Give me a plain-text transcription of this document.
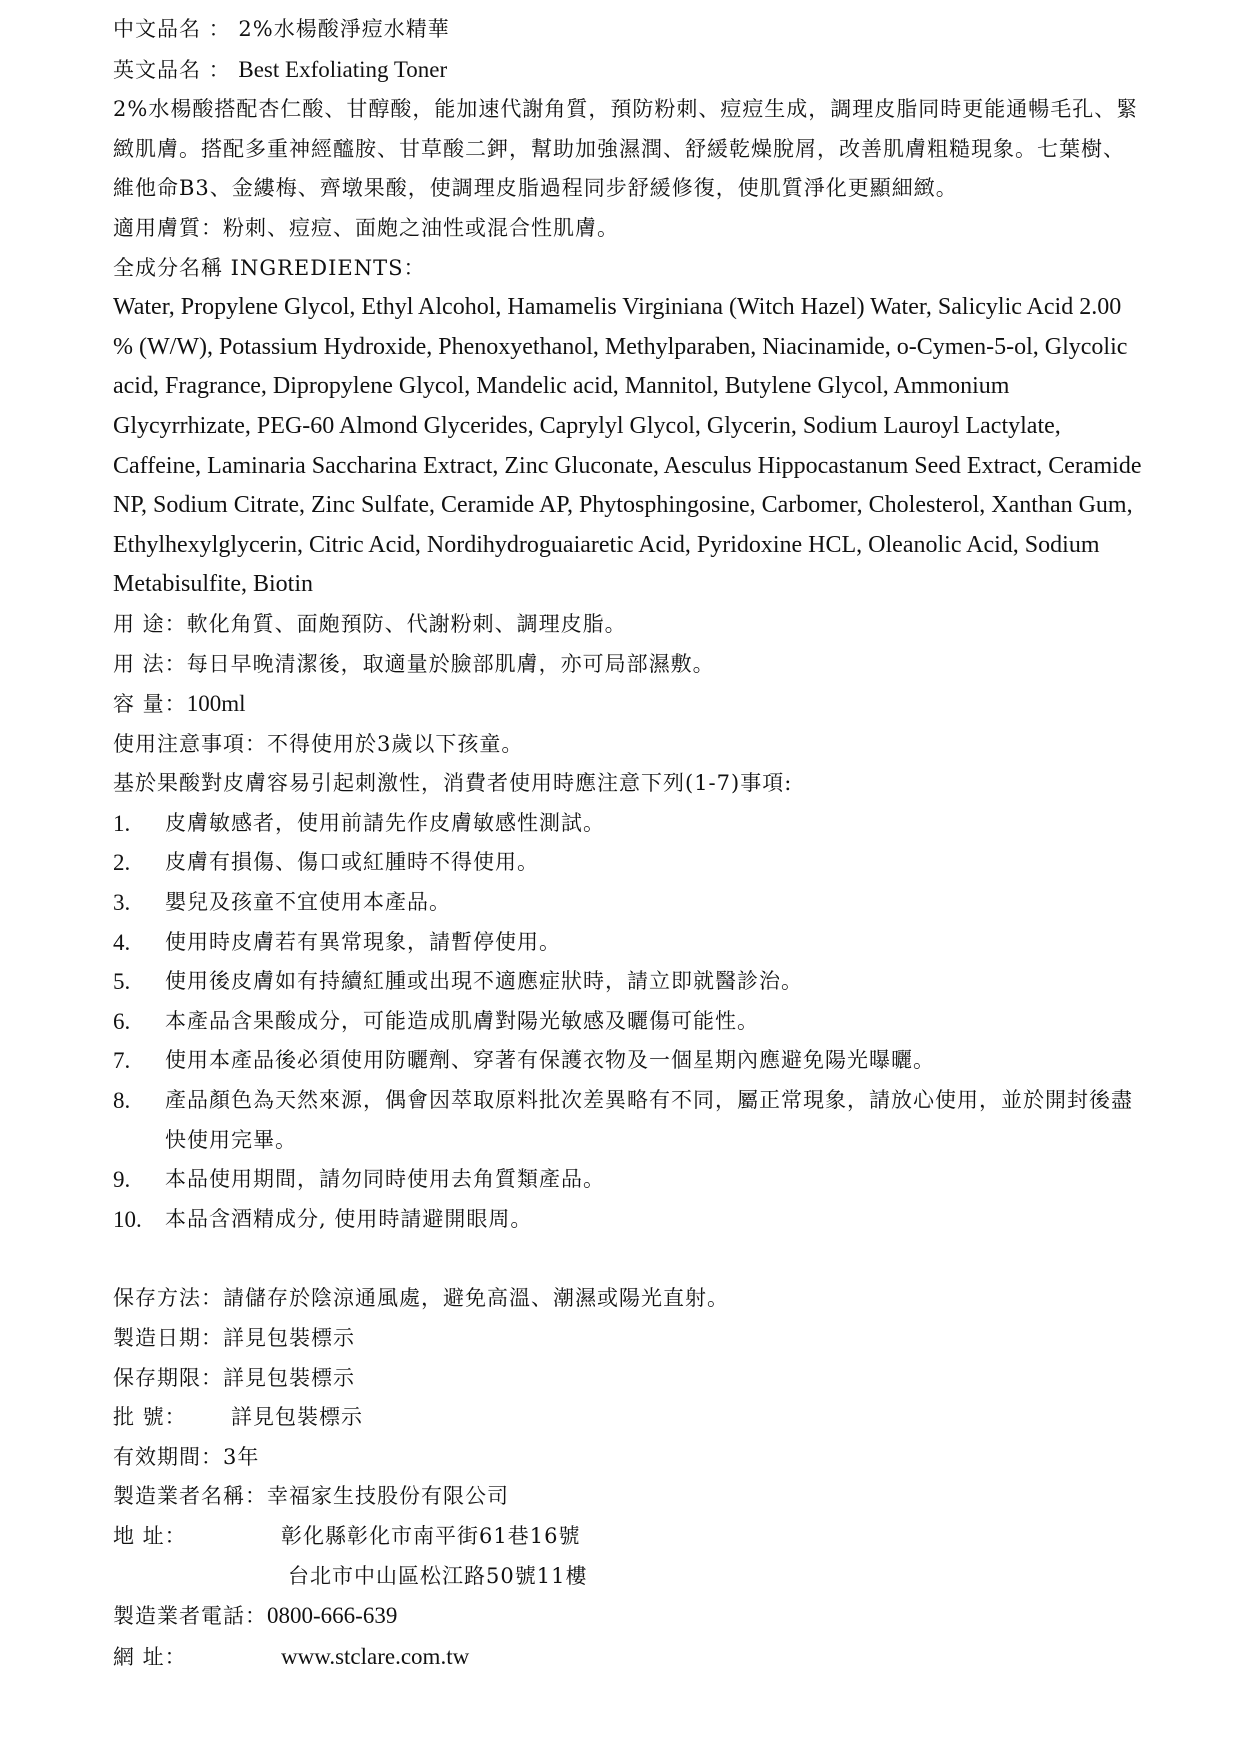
中文品名 ： 2%水楊酸淨痘水精華
英文品名 ： Best Exfoliating Toner
2%水楊酸搭配杏仁酸、甘醇酸，能加速代謝角質，預防粉刺、痘痘生成，調理皮脂同時更能通暢毛孔、緊緻肌膚。搭配多重神經醯胺、甘草酸二鉀，幫助加強濕潤、舒緩乾燥脫屑，改善肌膚粗糙現象。七葉樹、維他命B3、金縷梅、齊墩果酸，使調理皮脂過程同步舒緩修復，使肌質淨化更顯細緻。
適用膚質：粉刺、痘痘、面皰之油性或混合性肌膚。
全成分名稱 INGREDIENTS：
Water, Propylene Glycol, Ethyl Alcohol, Hamamelis Virginiana (Witch Hazel) Water, Salicylic Acid 2.00 % (W/W), Potassium Hydroxide, Phenoxyethanol, Methylparaben, Niacinamide, o-Cymen-5-ol, Glycolic acid, Fragrance, Dipropylene Glycol, Mandelic acid, Mannitol, Butylene Glycol, Ammonium Glycyrrhizate, PEG-60 Almond Glycerides, Caprylyl Glycol, Glycerin, Sodium Lauroyl Lactylate, Caffeine, Laminaria Saccharina Extract, Zinc Gluconate, Aesculus Hippocastanum Seed Extract, Ceramide NP, Sodium Citrate, Zinc Sulfate, Ceramide AP, Phytosphingosine, Carbomer, Cholesterol, Xanthan Gum, Ethylhexylglycerin, Citric Acid, Nordihydroguaiaretic Acid, Pyridoxine HCL, Oleanolic Acid, Sodium Metabisulfite, Biotin
用 途：軟化角質、面皰預防、代謝粉刺、調理皮脂。
用 法：每日早晚清潔後，取適量於臉部肌膚，亦可局部濕敷。
容 量：100ml
使用注意事項：不得使用於3歲以下孩童。
基於果酸對皮膚容易引起刺激性，消費者使用時應注意下列(1-7)事項:
1.	皮膚敏感者，使用前請先作皮膚敏感性測試。
2.	皮膚有損傷、傷口或紅腫時不得使用。
3.	嬰兒及孩童不宜使用本產品。
4.	使用時皮膚若有異常現象，請暫停使用。
5.	使用後皮膚如有持續紅腫或出現不適應症狀時，請立即就醫診治。
6.	本產品含果酸成分，可能造成肌膚對陽光敏感及曬傷可能性。
7.	使用本產品後必須使用防曬劑、穿著有保護衣物及一個星期內應避免陽光曝曬。
8.	產品顏色為天然來源，偶會因萃取原料批次差異略有不同，屬正常現象，請放心使用，並於開封後盡快使用完畢。
9.	本品使用期間，請勿同時使用去角質類產品。
10.	本品含酒精成分, 使用時請避開眼周。
保存方法：請儲存於陰涼通風處，避免高溫、潮濕或陽光直射。
製造日期：詳見包裝標示
保存期限：詳見包裝標示
批 號： 詳見包裝標示
有效期間：3年
製造業者名稱：幸福家生技股份有限公司
地 址：	彰化縣彰化市南平街61巷16號
台北市中山區松江路50號11樓
製造業者電話：0800-666-639
網 址：	www.stclare.com.tw
